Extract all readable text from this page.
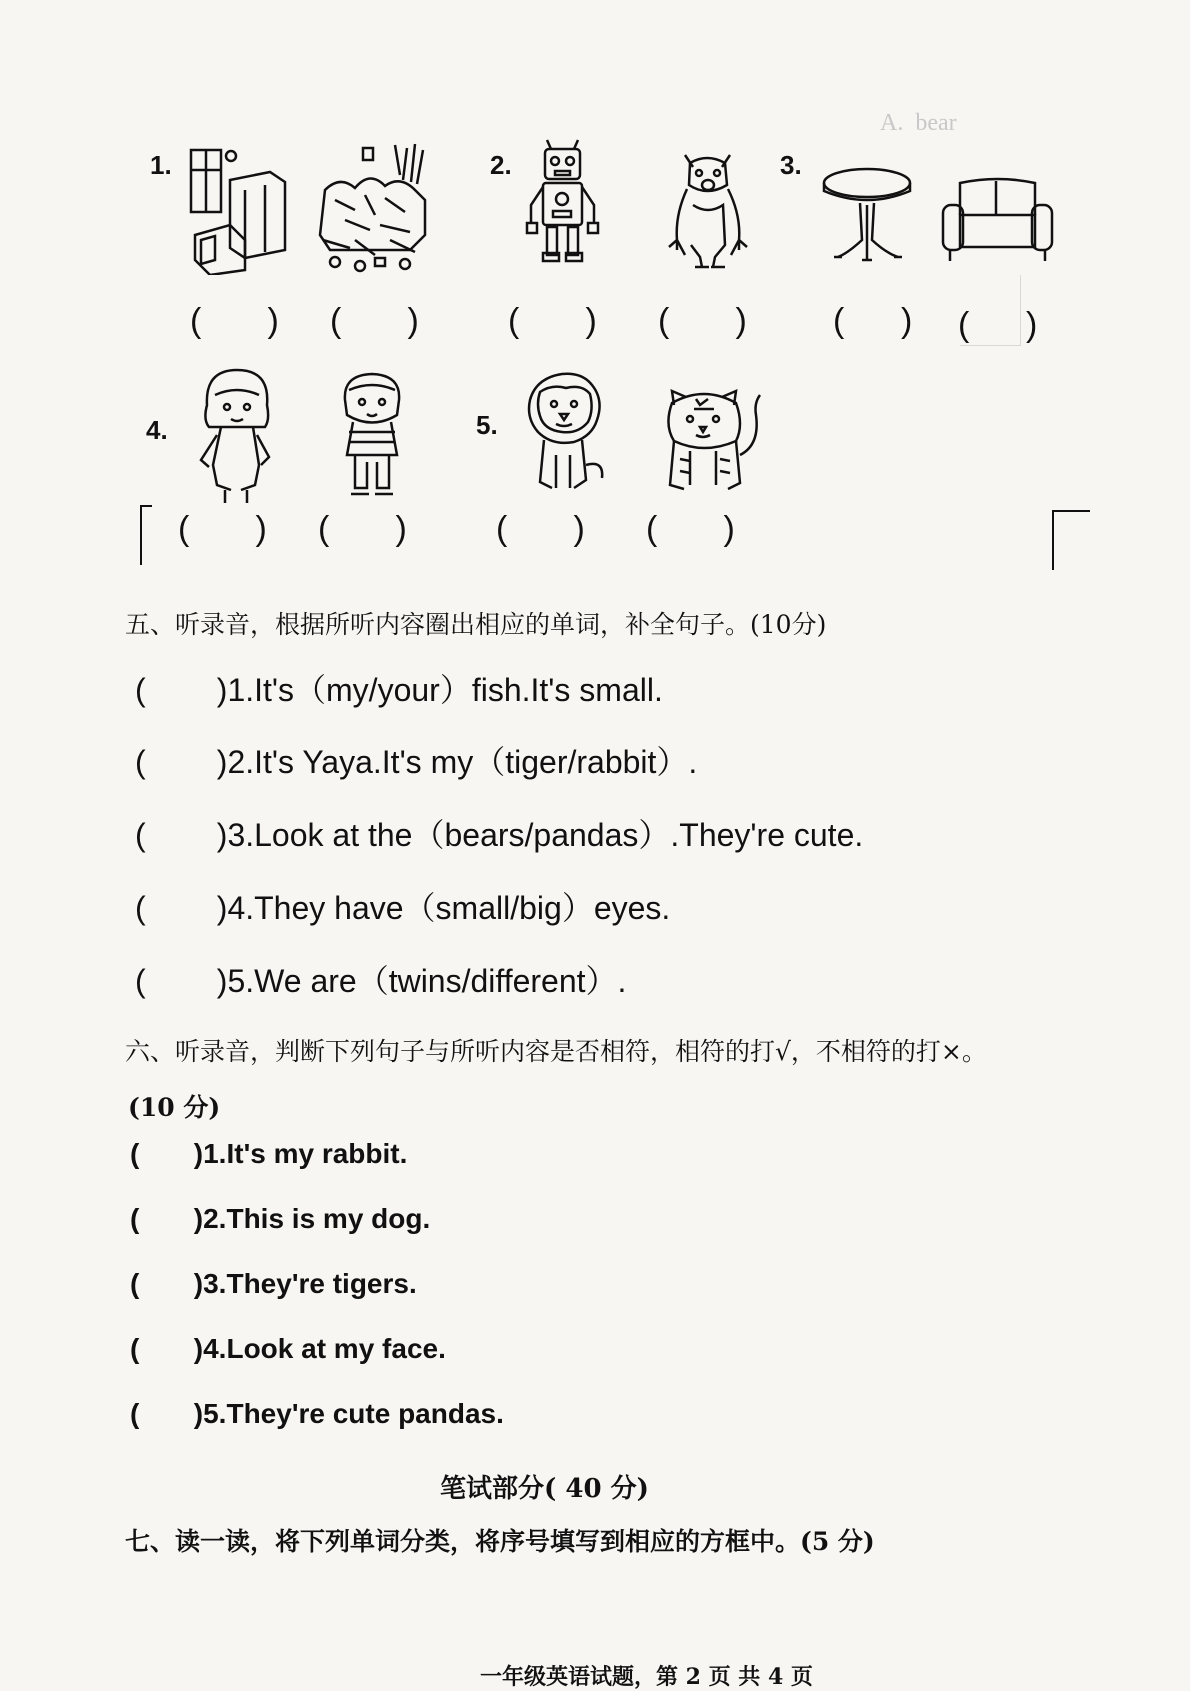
A.  bear
1.	2.	3.
(       ) (       )	(       ) (       )	(      ) (      )
4.	5.
(       ) (       )	(       ) (       )
五、听录音，根据所听内容圈出相应的单词，补全句子。(10分)
(        )1.It's（my/your）fish.It's small.
(        )2.It's Yaya.It's my（tiger/rabbit）.
(        )3.Look at the（bears/pandas）.They're cute.
(        )4.They have（small/big）eyes.
(        )5.We are（twins/different）.
六、听录音，判断下列句子与所听内容是否相符，相符的打√，不相符的打×。
(10 分)
(       )1.It's my rabbit.
(       )2.This is my dog.
(       )3.They're tigers.
(       )4.Look at my face.
(       )5.They're cute pandas.
笔试部分( 40 分)
七、读一读，将下列单词分类，将序号填写到相应的方框中。(5 分)
一年级英语试题，第 2 页 共 4 页
